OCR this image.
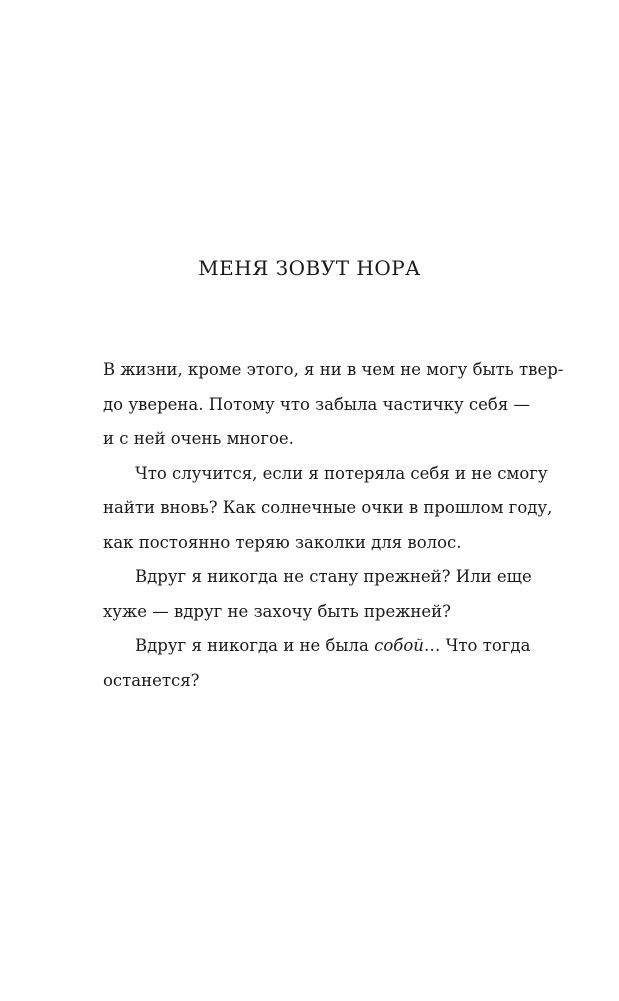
МЕНЯ ЗОВУТ НОРА
В жизни, кроме этого, я ни в чем не могу быть твер-
до уверена. Потому что забыла частичку себя —
и с ней очень многое.
Что случится, если я потеряла себя и не смогу
найти вновь? Как солнечные очки в прошлом году,
как постоянно теряю заколки для волос.
Вдруг я никогда не стану прежней? Или еще
хуже — вдруг не захочу быть прежней?
Вдруг я никогда и не была собой… Что тогда
останется?
